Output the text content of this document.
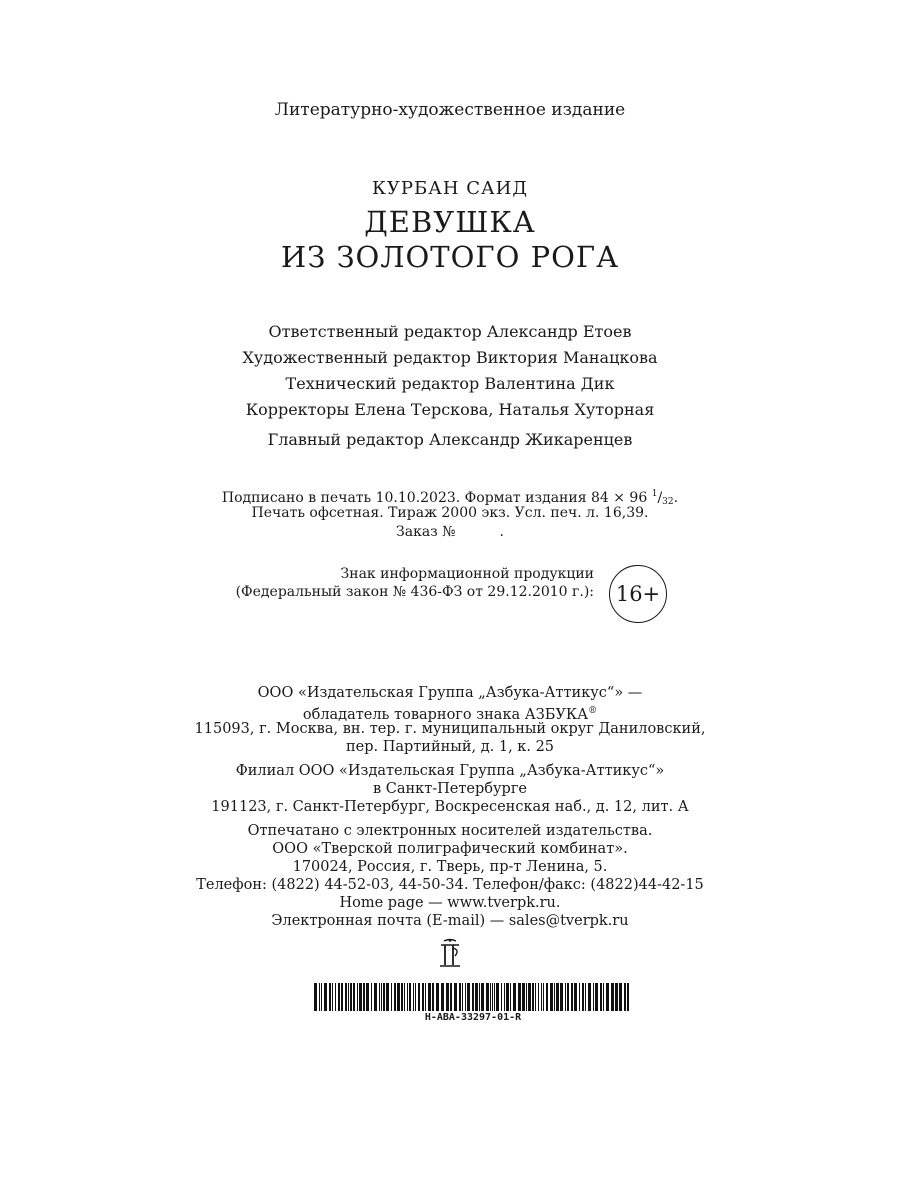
Литературно-художественное издание
КУРБАН САИД
ДЕВУШКА
ИЗ ЗОЛОТОГО РОГА
Ответственный редактор Александр Етоев
Художественный редактор Виктория Манацкова
Технический редактор Валентина Дик
Корректоры Елена Терскова, Наталья Хуторная
Главный редактор Александр Жикаренцев
Подписано в печать 10.10.2023. Формат издания 84 × 96 $^1/_{32}$.
Печать офсетная. Тираж 2000 экз. Усл. печ. л. 16,39.
Заказ №	.
Знак информационной продукции
(Федеральный закон № 436-ФЗ от 29.12.2010 г.):	16+
ООО «Издательская Группа „Азбука-Аттикус“» —
обладатель товарного знака АЗБУКА®
115093, г. Москва, вн. тер. г. муниципальный округ Даниловский,
пер. Партийный, д. 1, к. 25
Филиал ООО «Издательская Группа „Азбука-Аттикус“»
в Санкт-Петербурге
191123, г. Санкт-Петербург, Воскресенская наб., д. 12, лит. А
Отпечатано с электронных носителей издательства.
ООО «Тверской полиграфический комбинат».
170024, Россия, г. Тверь, пр-т Ленина, 5.
Телефон: (4822) 44-52-03, 44-50-34. Телефон/факс: (4822)44-42-15
Home page — www.tverpk.ru.
Электронная почта (E-mail) — sales@tverpk.ru
H-ABA-33297-01-R
